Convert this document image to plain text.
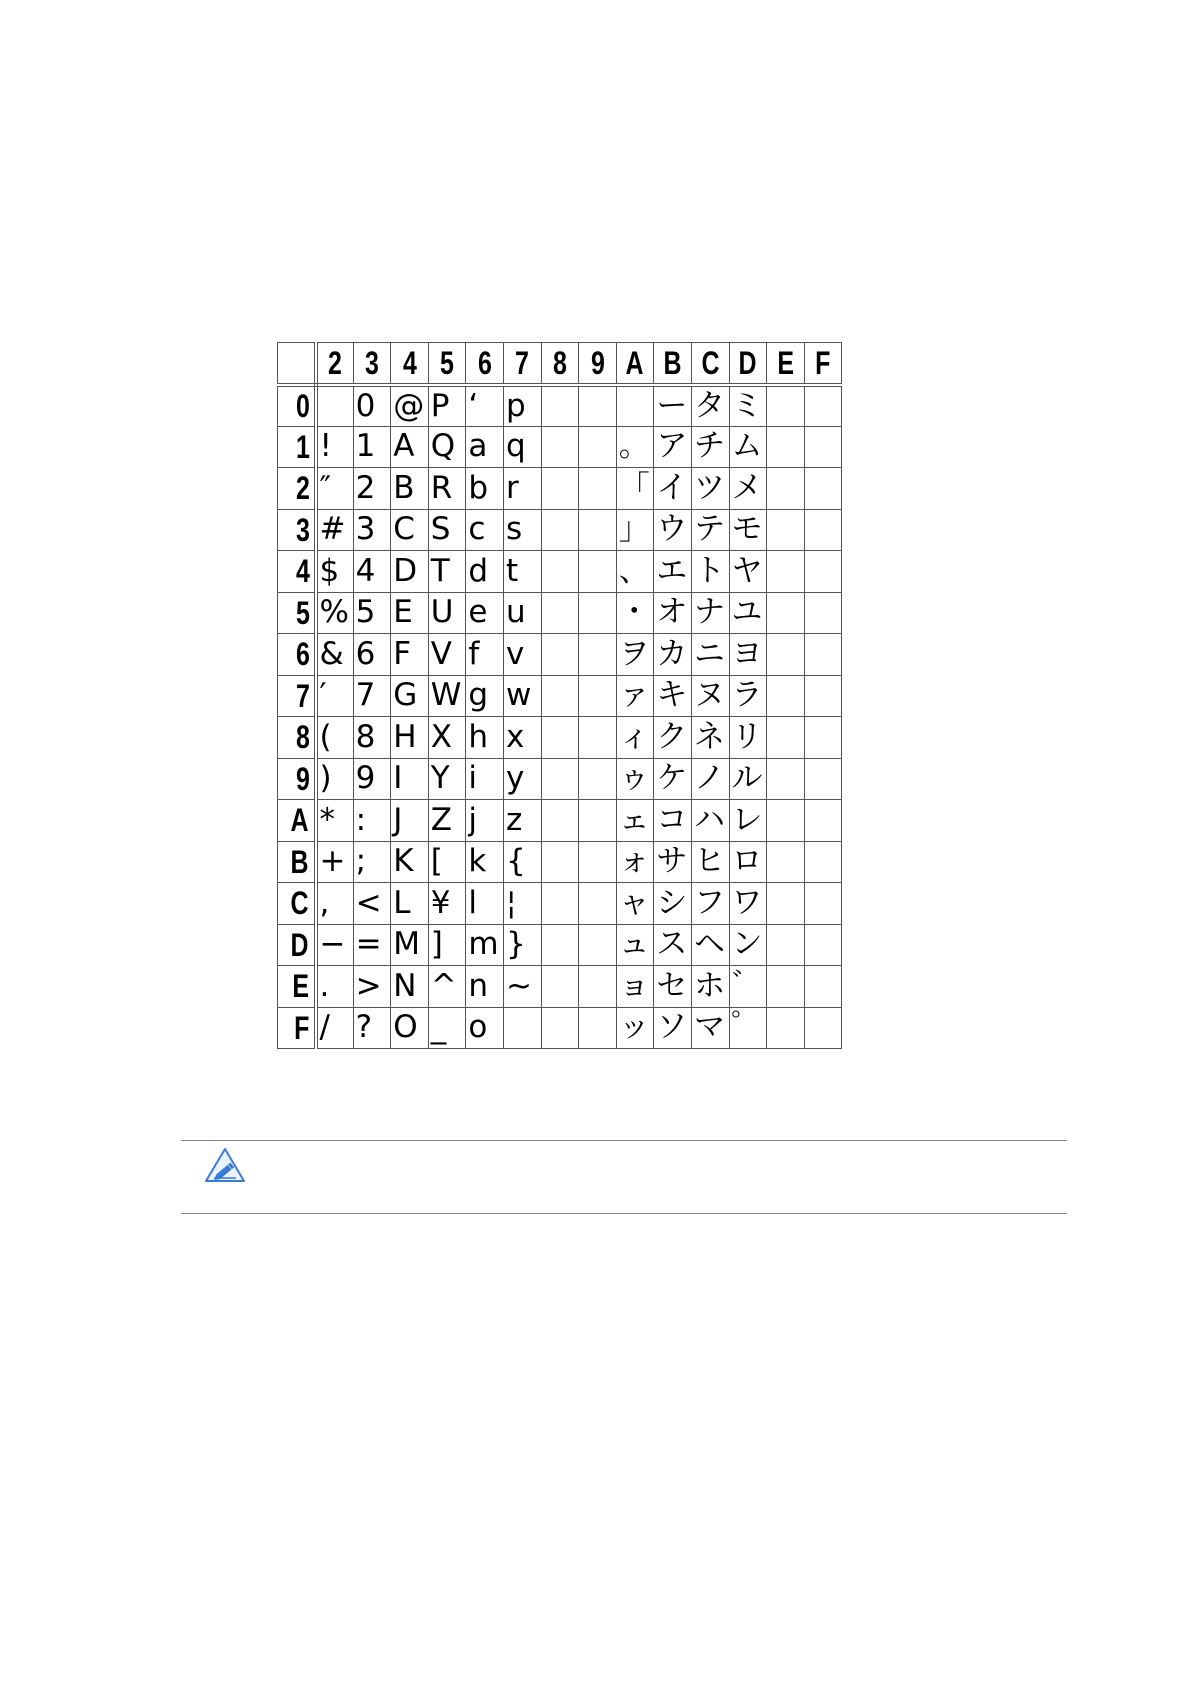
	2	3	4	5	6	7	8	9	A	B	C	D	E	F
0		0	@	P	‘	p				ー	タ	ミ		
1	!	1	A	Q	a	q			。	ア	チ	ム		
2	″	2	B	R	b	r			「	イ	ツ	メ		
3	#	3	C	S	c	s			」	ウ	テ	モ		
4	$	4	D	T	d	t			、	エ	ト	ヤ		
5	%	5	E	U	e	u			・	オ	ナ	ユ		
6	&	6	F	V	f	v			ヲ	カ	ニ	ヨ		
7	′	7	G	W	g	w			ァ	キ	ヌ	ラ		
8	(	8	H	X	h	x			ィ	ク	ネ	リ		
9	)	9	I	Y	i	y			ゥ	ケ	ノ	ル		
A	*	:	J	Z	j	z			ェ	コ	ハ	レ		
B	+	;	K	[	k	{			ォ	サ	ヒ	ロ		
C	,	<	L	¥	l	¦			ャ	シ	フ	ワ		
D	−	=	M	]	m	}			ュ	ス	ヘ	ン		
E	.	>	N	^	n	~			ョ	セ	ホ	゛		
F	/	?	O	_	o				ッ	ソ	マ	゜		
